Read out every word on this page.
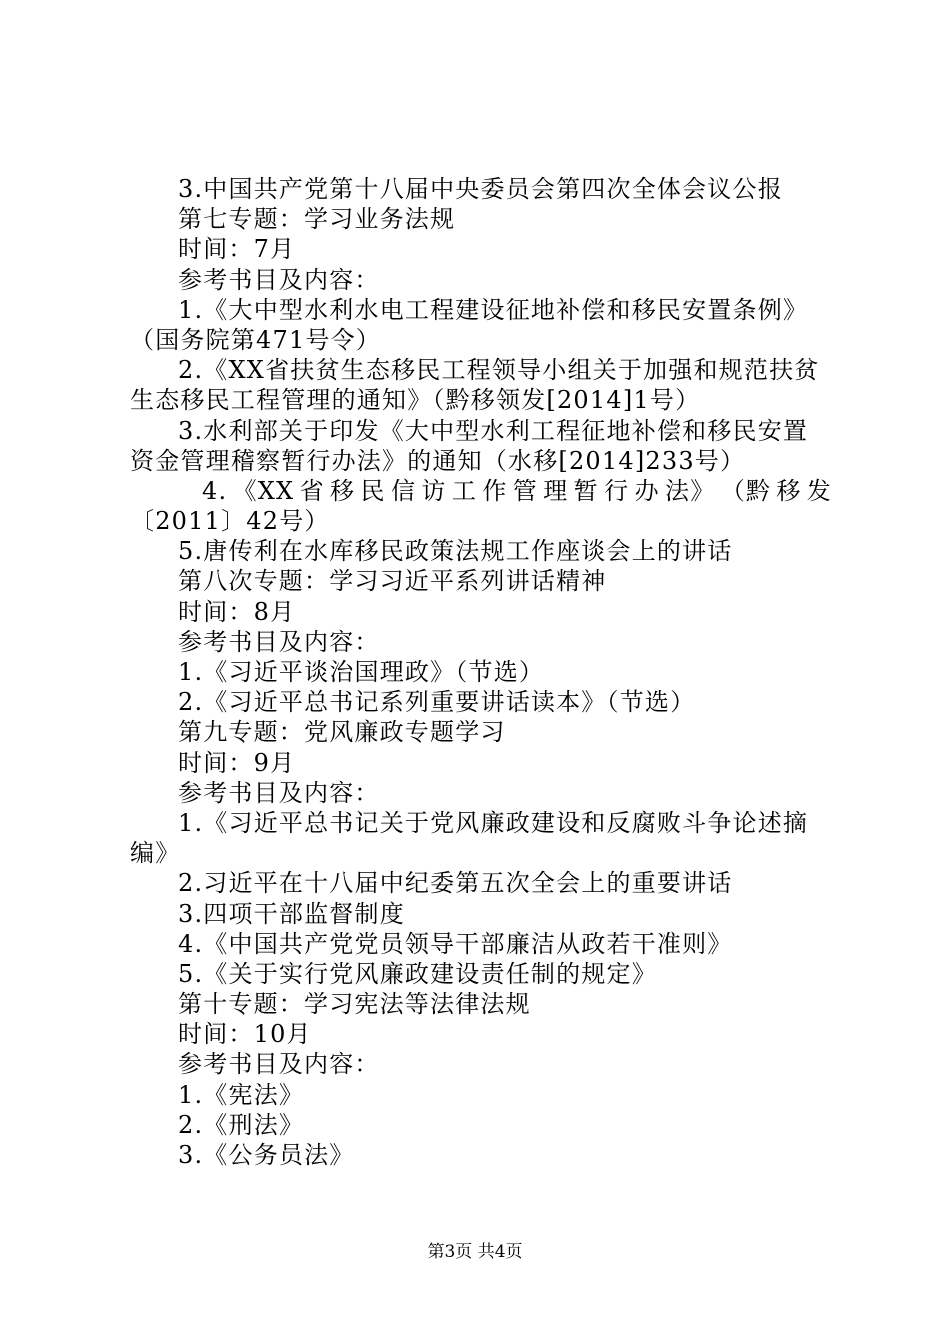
3.中国共产党第十八届中央委员会第四次全体会议公报
第七专题：学习业务法规
时间：7月
参考书目及内容：
1.《大中型水利水电工程建设征地补偿和移民安置条例》
（国务院第471号令）
2.《XX省扶贫生态移民工程领导小组关于加强和规范扶贫
生态移民工程管理的通知》（黔移领发[2014]1号）
3.水利部关于印发《大中型水利工程征地补偿和移民安置
资金管理稽察暂行办法》的通知（水移[2014]233号）
4. 《XX 省 移 民 信 访 工 作 管 理 暂 行 办 法》 （黔 移 发
〔2011〕42号）
5.唐传利在水库移民政策法规工作座谈会上的讲话
第八次专题：学习习近平系列讲话精神
时间：8月
参考书目及内容：
1.《习近平谈治国理政》（节选）
2.《习近平总书记系列重要讲话读本》（节选）
第九专题：党风廉政专题学习
时间：9月
参考书目及内容：
1.《习近平总书记关于党风廉政建设和反腐败斗争论述摘
编》
2.习近平在十八届中纪委第五次全会上的重要讲话
3.四项干部监督制度
4.《中国共产党党员领导干部廉洁从政若干准则》
5.《关于实行党风廉政建设责任制的规定》
第十专题：学习宪法等法律法规
时间：10月
参考书目及内容：
1.《宪法》
2.《刑法》
3.《公务员法》
第3页 共4页
